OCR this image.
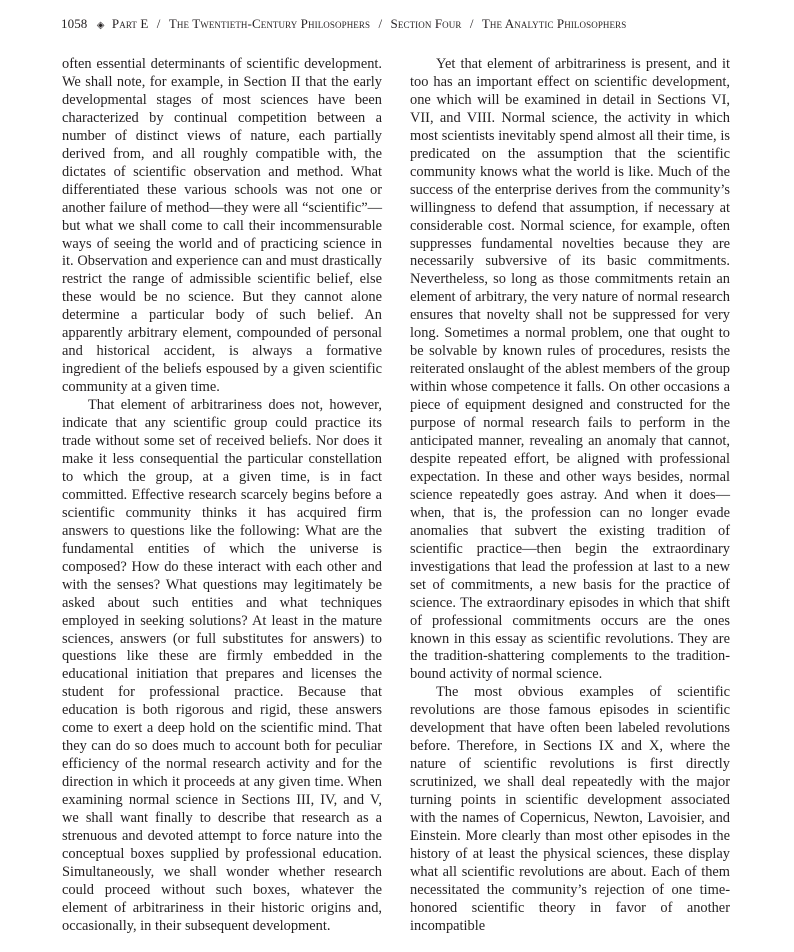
1058 ◈ Part E / The Twentieth-Century Philosophers / Section Four / The Analytic Philosophers

often essential determinants of scientific development. We shall note, for example, in Section II that the early developmental stages of most sciences have been characterized by continual competition between a number of distinct views of nature, each partially derived from, and all roughly compatible with, the dictates of scientific observation and method. What differentiated these various schools was not one or another failure of method—they were all “scientific”—but what we shall come to call their incommensurable ways of seeing the world and of practicing science in it. Observation and experience can and must drastically restrict the range of admissible scientific belief, else these would be no science. But they cannot alone determine a particular body of such belief. An apparently arbitrary element, compounded of personal and historical accident, is always a formative ingredient of the beliefs espoused by a given scientific community at a given time.

That element of arbitrariness does not, however, indicate that any scientific group could practice its trade without some set of received beliefs. Nor does it make it less consequential the particular constellation to which the group, at a given time, is in fact committed. Effective research scarcely begins before a scientific community thinks it has acquired firm answers to questions like the following: What are the fundamental entities of which the universe is composed? How do these interact with each other and with the senses? What questions may legitimately be asked about such entities and what techniques employed in seeking solutions? At least in the mature sciences, answers (or full substitutes for answers) to questions like these are firmly embedded in the educational initiation that prepares and licenses the student for professional practice. Because that education is both rigorous and rigid, these answers come to exert a deep hold on the scientific mind. That they can do so does much to account both for peculiar efficiency of the normal research activity and for the direction in which it proceeds at any given time. When examining normal science in Sections III, IV, and V, we shall want finally to describe that research as a strenuous and devoted attempt to force nature into the conceptual boxes supplied by professional education. Simultaneously, we shall wonder whether research could proceed without such boxes, whatever the element of arbitrariness in their historic origins and, occasionally, in their subsequent development.

Yet that element of arbitrariness is present, and it too has an important effect on scientific development, one which will be examined in detail in Sections VI, VII, and VIII. Normal science, the activity in which most scientists inevitably spend almost all their time, is predicated on the assumption that the scientific community knows what the world is like. Much of the success of the enterprise derives from the community’s willingness to defend that assumption, if necessary at considerable cost. Normal science, for example, often suppresses fundamental novelties because they are necessarily subversive of its basic commitments. Nevertheless, so long as those commitments retain an element of arbitrary, the very nature of normal research ensures that novelty shall not be suppressed for very long. Sometimes a normal problem, one that ought to be solvable by known rules of procedures, resists the reiterated onslaught of the ablest members of the group within whose competence it falls. On other occasions a piece of equipment designed and constructed for the purpose of normal research fails to perform in the anticipated manner, revealing an anomaly that cannot, despite repeated effort, be aligned with professional expectation. In these and other ways besides, normal science repeatedly goes astray. And when it does—when, that is, the profession can no longer evade anomalies that subvert the existing tradition of scientific practice—then begin the extraordinary investigations that lead the profession at last to a new set of commitments, a new basis for the practice of science. The extraordinary episodes in which that shift of professional commitments occurs are the ones known in this essay as scientific revolutions. They are the tradition-shattering complements to the tradition-bound activity of normal science.

The most obvious examples of scientific revolutions are those famous episodes in scientific development that have often been labeled revolutions before. Therefore, in Sections IX and X, where the nature of scientific revolutions is first directly scrutinized, we shall deal repeatedly with the major turning points in scientific development associated with the names of Copernicus, Newton, Lavoisier, and Einstein. More clearly than most other episodes in the history of at least the physical sciences, these display what all scientific revolutions are about. Each of them necessitated the community’s rejection of one time-honored scientific theory in favor of another incompatible
